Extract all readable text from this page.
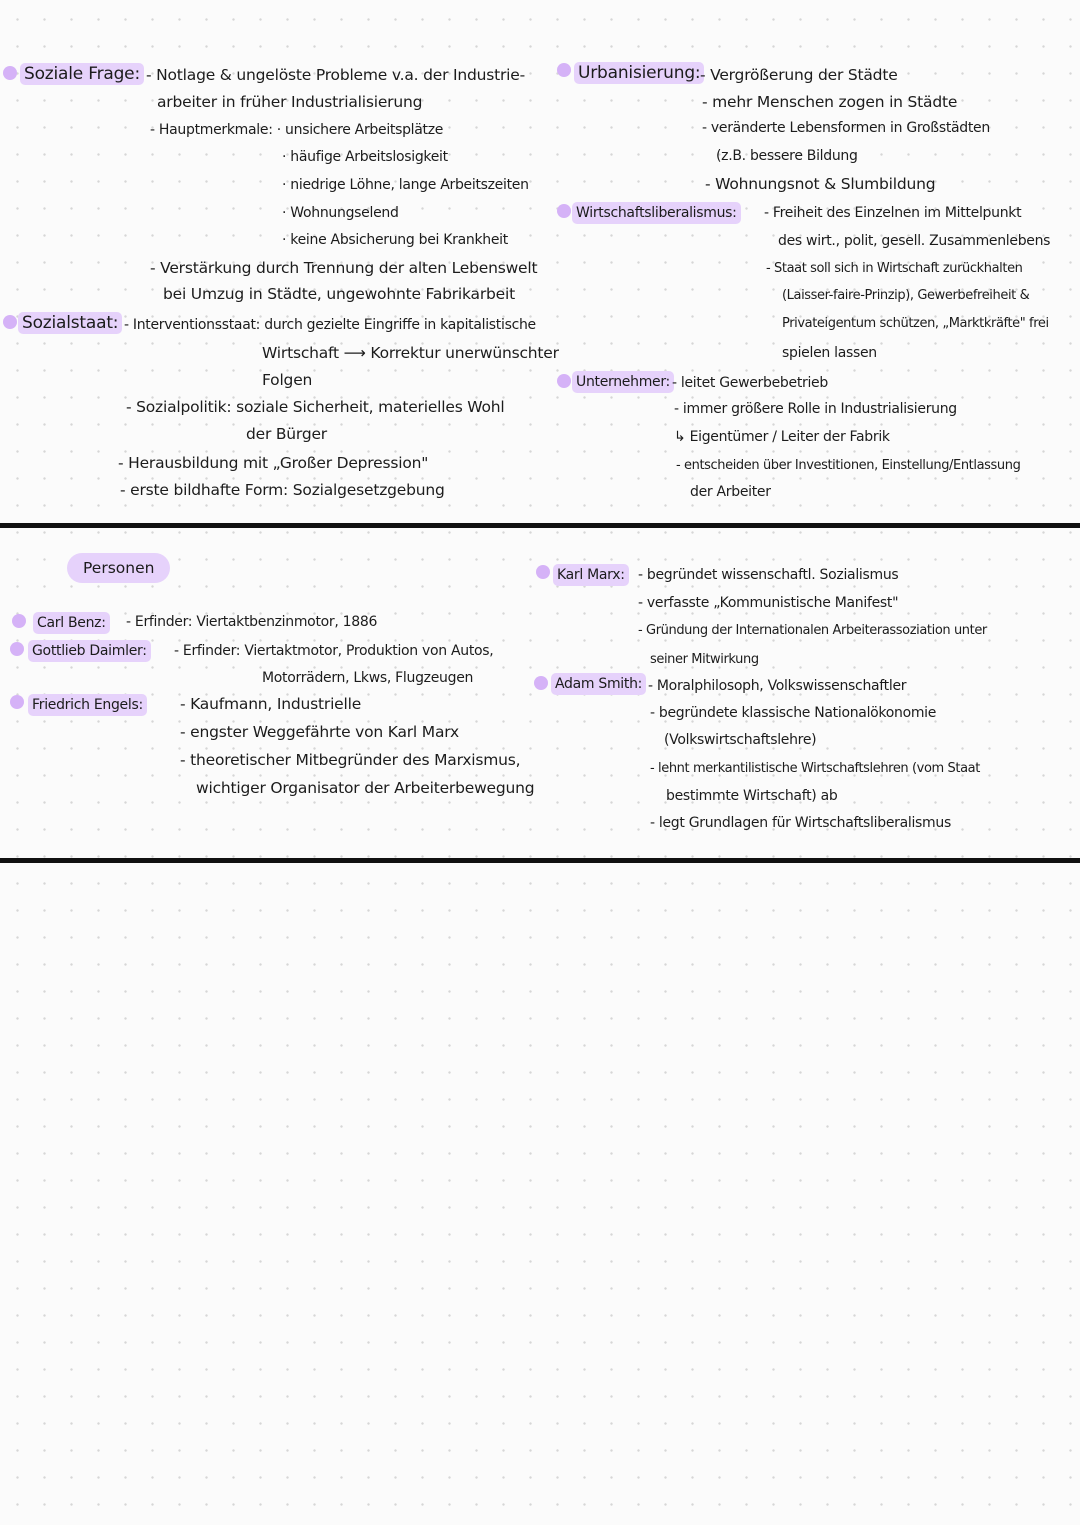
Soziale Frage: - Notlage & ungelöste Probleme v.a. der Industrie-
arbeiter in früher Industrialisierung
- Hauptmerkmale: · unsichere Arbeitsplätze
· häufige Arbeitslosigkeit
· niedrige Löhne, lange Arbeitszeiten
· Wohnungselend
· keine Absicherung bei Krankheit
- Verstärkung durch Trennung der alten Lebenswelt
bei Umzug in Städte, ungewohnte Fabrikarbeit
Sozialstaat: - Interventionsstaat: durch gezielte Eingriffe in kapitalistische
Wirtschaft ⟶ Korrektur unerwünschter
Folgen
- Sozialpolitik: soziale Sicherheit, materielles Wohl
der Bürger
- Herausbildung mit „Großer Depression"
- erste bildhafte Form: Sozialgesetzgebung
Urbanisierung: - Vergrößerung der Städte
- mehr Menschen zogen in Städte
- veränderte Lebensformen in Großstädten
(z.B. bessere Bildung
- Wohnungsnot & Slumbildung
Wirtschaftsliberalismus: - Freiheit des Einzelnen im Mittelpunkt
des wirt., polit, gesell. Zusammenlebens
- Staat soll sich in Wirtschaft zurückhalten
(Laisser-faire-Prinzip), Gewerbefreiheit &
Privateigentum schützen, „Marktkräfte" frei
spielen lassen
Unternehmer: - leitet Gewerbebetrieb
- immer größere Rolle in Industrialisierung
↳ Eigentümer / Leiter der Fabrik
- entscheiden über Investitionen, Einstellung/Entlassung
der Arbeiter
Personen
Carl Benz: - Erfinder: Viertaktbenzinmotor, 1886
Gottlieb Daimler: - Erfinder: Viertaktmotor, Produktion von Autos,
Motorrädern, Lkws, Flugzeugen
Friedrich Engels: - Kaufmann, Industrielle
- engster Weggefährte von Karl Marx
- theoretischer Mitbegründer des Marxismus,
wichtiger Organisator der Arbeiterbewegung
Karl Marx: - begründet wissenschaftl. Sozialismus
- verfasste „Kommunistische Manifest"
- Gründung der Internationalen Arbeiterassoziation unter
seiner Mitwirkung
Adam Smith: - Moralphilosoph, Volkswissenschaftler
- begründete klassische Nationalökonomie
(Volkswirtschaftslehre)
- lehnt merkantilistische Wirtschaftslehren (vom Staat
bestimmte Wirtschaft) ab
- legt Grundlagen für Wirtschaftsliberalismus
